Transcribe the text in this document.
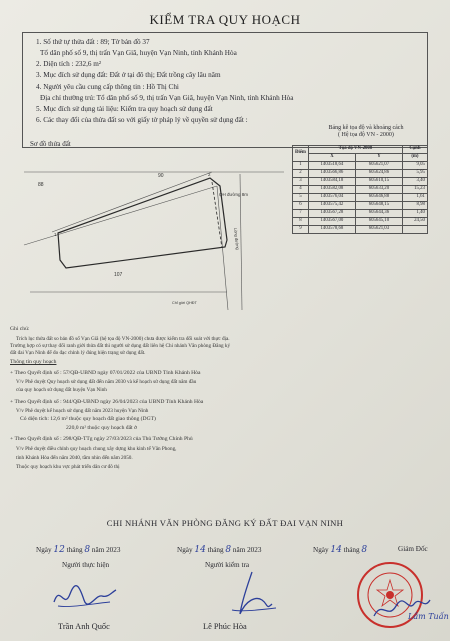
KIỂM TRA QUY HOẠCH
1. Số thứ tự thửa đất : 89; Tờ bản đồ 37
Tổ dân phố số 9, thị trấn Vạn Giã, huyện Vạn Ninh, tỉnh Khánh Hòa
2. Diện tích : 232,6 m²
3. Mục đích sử dụng đất: Đất ở tại đô thị; Đất trồng cây lâu năm
4. Người yêu cầu cung cấp thông tin : Hồ Thị Chi
Địa chỉ thường trú: Tổ dân phố số 9, thị trấn Vạn Giã, huyện Vạn Ninh, tỉnh Khánh Hòa
5. Mục đích sử dụng tài liệu: Kiểm tra quy hoạch sử dụng đất
6. Các thay đổi của thửa đất so với giấy tờ pháp lý về quyền sử dụng đất :
Bảng kê tọa độ và khoảng cách
( Hệ tọa độ VN - 2000)
Điểm	Tọa độ VN-2000		Cạnh
	X	Y	(m)
1	1403518,64	605621,07	9,05
2	1403566,86	605624,86	5,95
3	1403584,18	605610,15	3,40
4	1403582,08	605633,20	15,23
5	1403576,04	605646,88	1,61
6	1403575,42	605648,15	8,98
7	1403567,28	605644,36	1,40
8	1403567,00	605645,10	24,50
9	1403578,68	605621,03	
Sơ đồ thửa đất
88
90
107
QH đường 8m
Lòng đường
Chỉ giới QHĐT
1
2
Ghi chú:
Trích lục thửa đất so bản đồ số Vạn Giã (hệ tọa độ VN-2000) chưa được kiểm tra đối soát với thực địa.
Trường hợp có sự thay đổi ranh giới thửa đất thì người sử dụng đất liên hệ Chi nhánh Văn phòng Đăng ký
đất đai Vạn Ninh để đo đạc chỉnh lý đúng hiện trạng sử dụng đất.
Thông tin quy hoạch
+ Theo Quyết định số : 57/QĐ-UBND ngày 07/01/2022 của UBND Tỉnh Khánh Hòa
V/v Phê duyệt Quy hoạch sử dụng đất đến năm 2030 và kế hoạch sử dụng đất năm đầu
của quy hoạch sử dụng đất huyện Vạn Ninh
+ Theo Quyết định số : 944/QĐ-UBND ngày 26/04/2023 của UBND Tỉnh Khánh Hòa
V/v Phê duyệt kế hoạch sử dụng đất năm 2023 huyện Vạn Ninh
Có diện tích: 12,6 m² thuộc quy hoạch đất giao thông (DGT)
220,0 m² thuộc quy hoạch đất ở
+ Theo Quyết định số : 298/QĐ-TTg ngày 27/03/2023 của Thủ Tướng Chính Phủ
V/v Phê duyệt điều chỉnh quy hoạch chung xây dựng khu kinh tế Vân Phong,
tỉnh Khánh Hòa đến năm 2040, tầm nhìn đến năm 2050.
Thuộc quy hoạch khu vực phát triển dân cư đô thị
CHI NHÁNH VĂN PHÒNG ĐĂNG KÝ ĐẤT ĐAI VẠN NINH
Ngày 12 tháng 8 năm 2023
Người thực hiện
Trần Anh Quốc
Ngày 14 tháng 8 năm 2023
Người kiểm tra
Lê Phúc Hòa
Ngày 14 tháng 8	Giám Đốc
Lâm Tuấn
